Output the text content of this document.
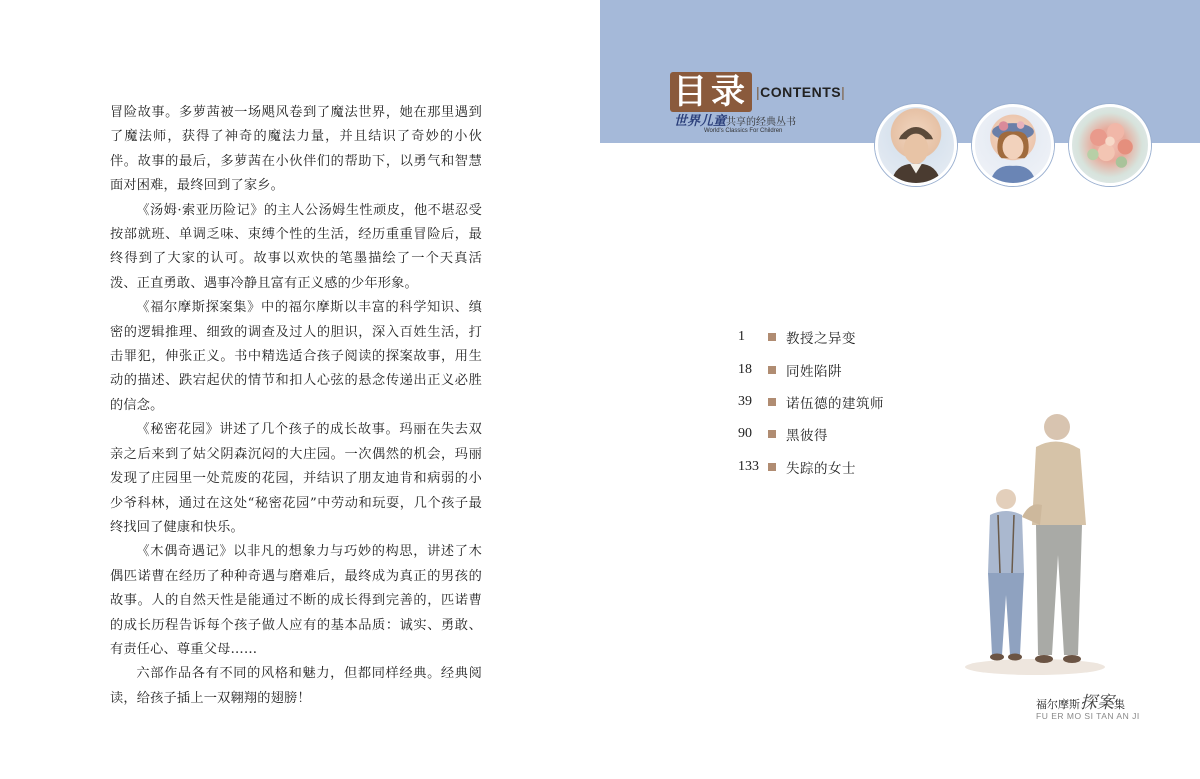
冒险故事。多萝茜被一场飓风卷到了魔法世界，她在那里遇到了魔法师，获得了神奇的魔法力量，并且结识了奇妙的小伙伴。故事的最后，多萝茜在小伙伴们的帮助下，以勇气和智慧面对困难，最终回到了家乡。

《汤姆·索亚历险记》的主人公汤姆生性顽皮，他不堪忍受按部就班、单调乏味、束缚个性的生活，经历重重冒险后，最终得到了大家的认可。故事以欢快的笔墨描绘了一个天真活泼、正直勇敢、遇事冷静且富有正义感的少年形象。

《福尔摩斯探案集》中的福尔摩斯以丰富的科学知识、缜密的逻辑推理、细致的调查及过人的胆识，深入百姓生活，打击罪犯，伸张正义。书中精选适合孩子阅读的探案故事，用生动的描述、跌宕起伏的情节和扣人心弦的悬念传递出正义必胜的信念。

《秘密花园》讲述了几个孩子的成长故事。玛丽在失去双亲之后来到了姑父阴森沉闷的大庄园。一次偶然的机会，玛丽发现了庄园里一处荒废的花园，并结识了朋友迪肯和病弱的小少爷科林，通过在这处“秘密花园”中劳动和玩耍，几个孩子最终找回了健康和快乐。

《木偶奇遇记》以非凡的想象力与巧妙的构思，讲述了木偶匹诺曹在经历了种种奇遇与磨难后，最终成为真正的男孩的故事。人的自然天性是能通过不断的成长得到完善的，匹诺曹的成长历程告诉每个孩子做人应有的基本品质：诚实、勇敢、有责任心、尊重父母……

六部作品各有不同的风格和魅力，但都同样经典。经典阅读，给孩子插上一双翱翔的翅膀！

目录 |CONTENTS|
世界儿童共享的经典丛书
World's Classics For Children
1	教授之异变
18	同姓陷阱
39	诺伍德的建筑师
90	黑彼得
133	失踪的女士
福尔摩斯探案集
FU ER MO SI TAN AN JI
